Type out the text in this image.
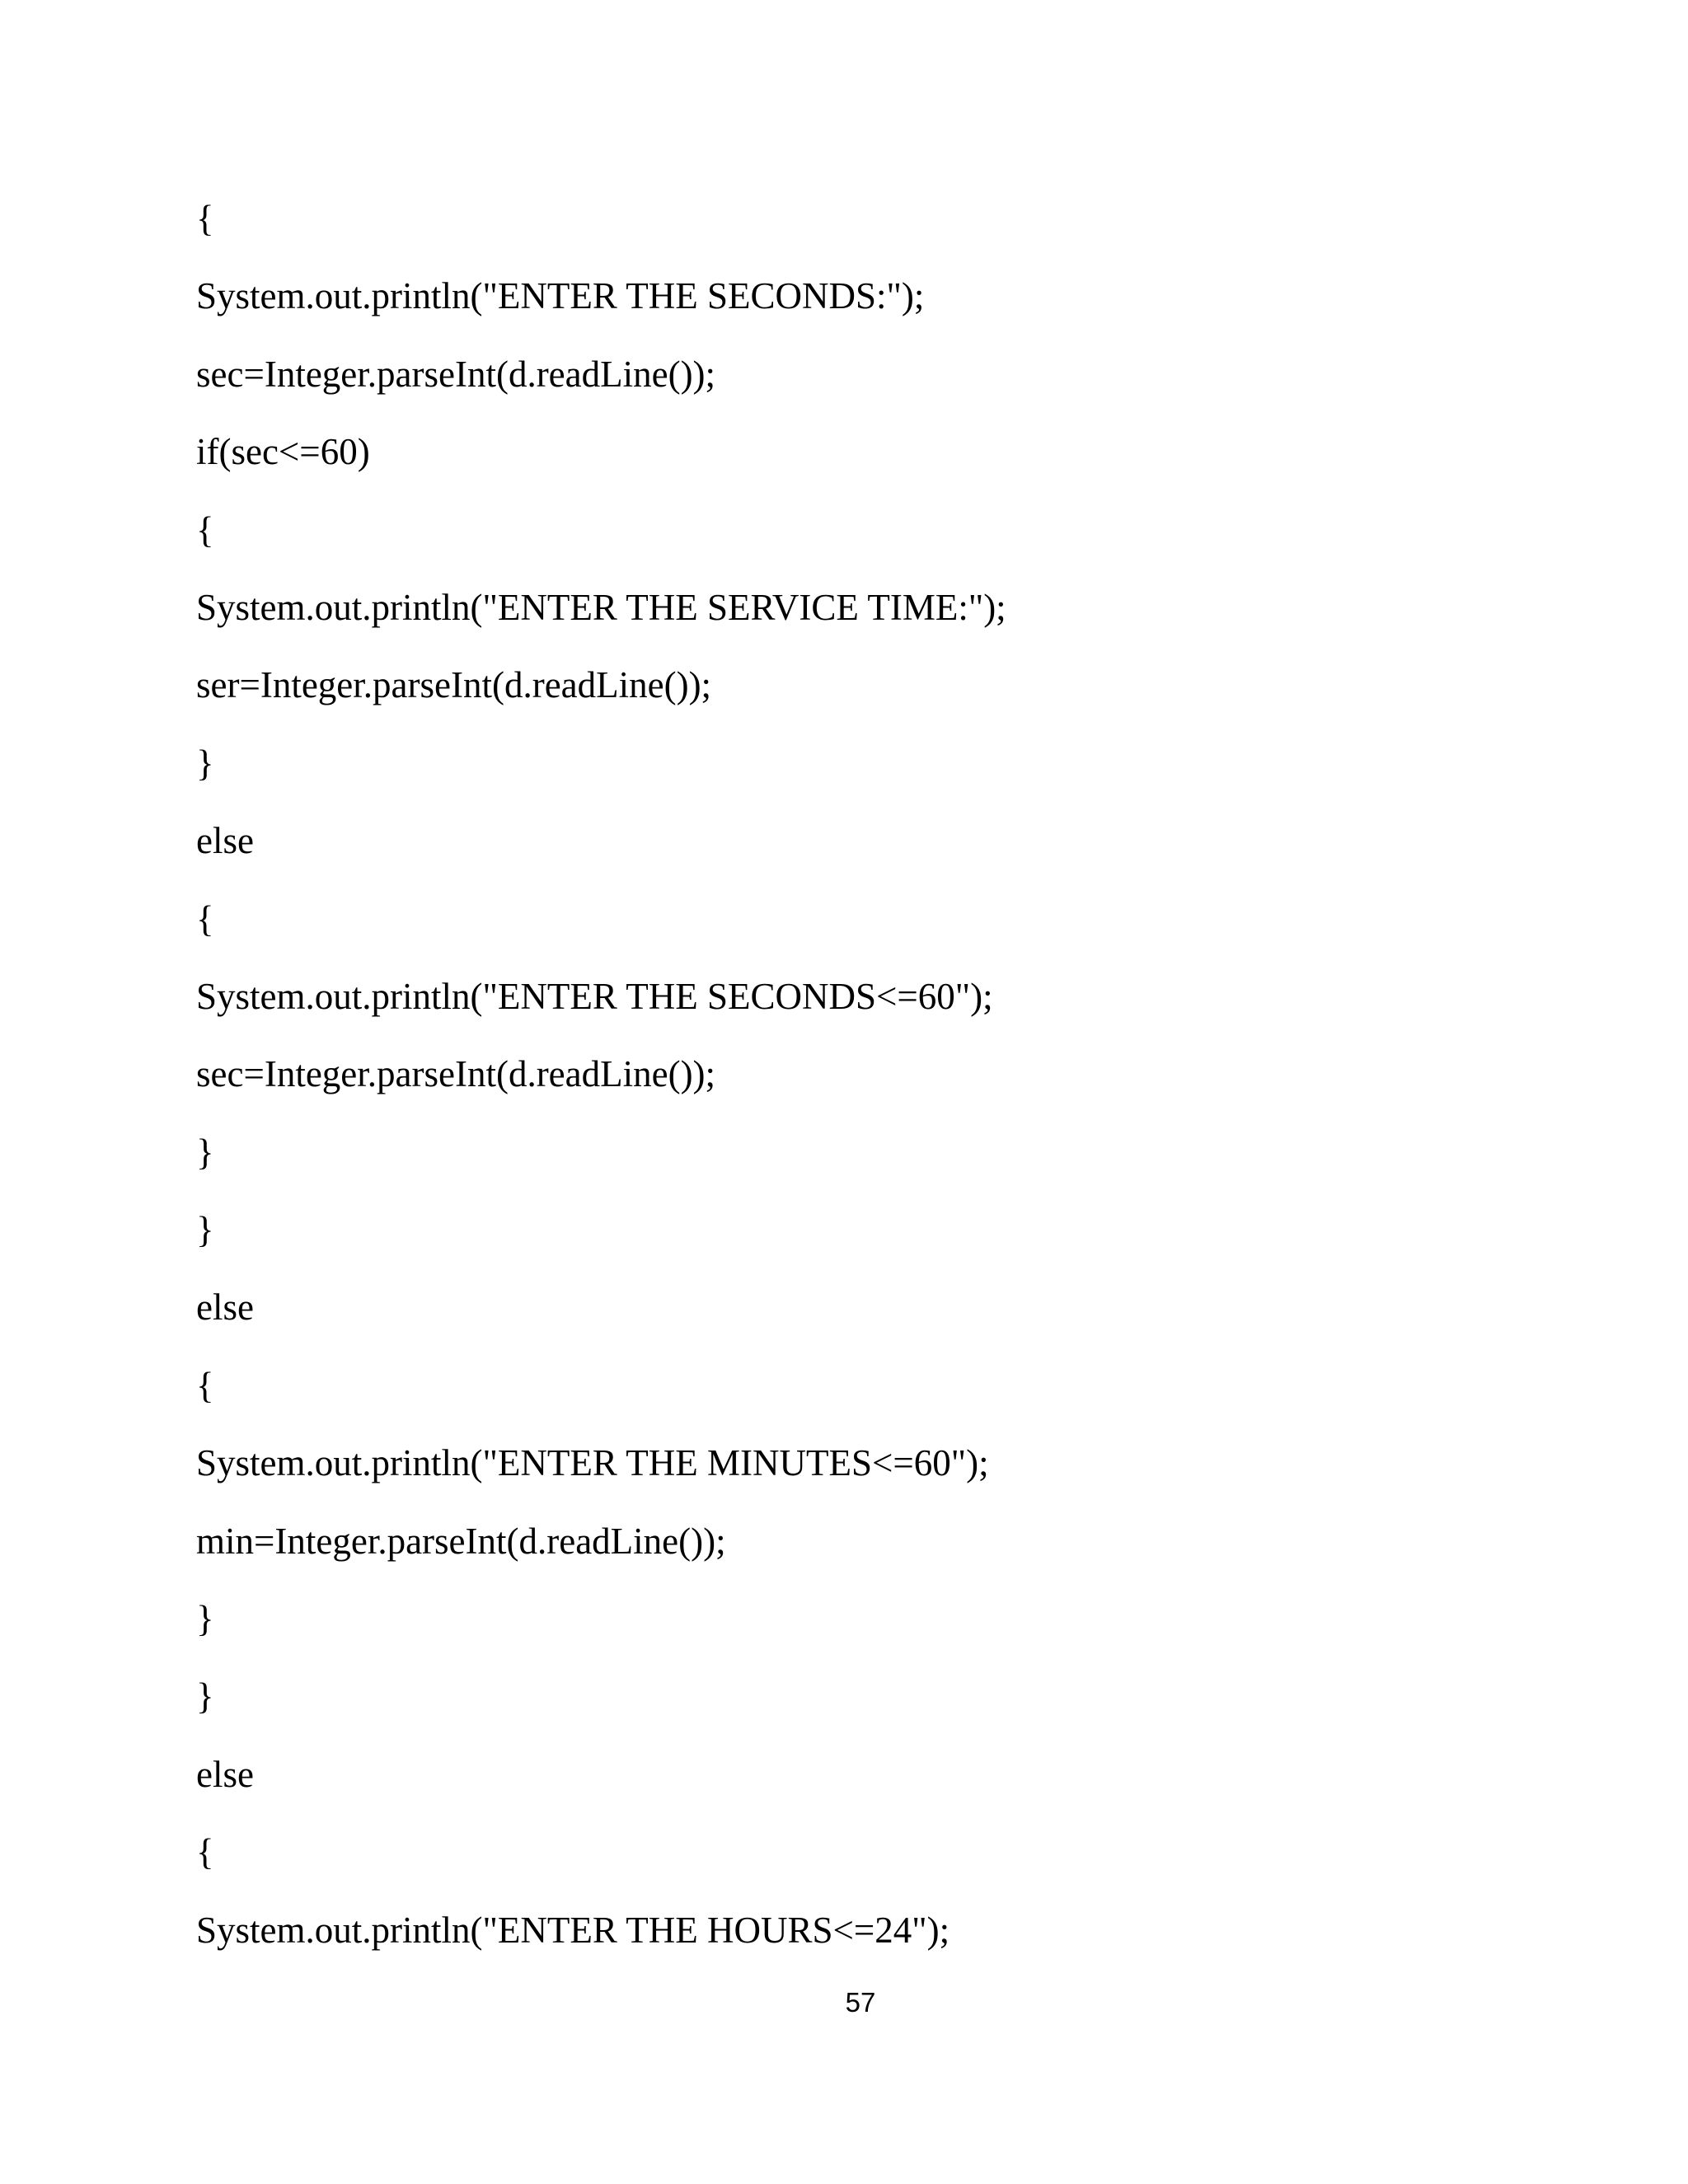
{
System.out.println("ENTER THE SECONDS:");
sec=Integer.parseInt(d.readLine());
if(sec<=60)
{
System.out.println("ENTER THE SERVICE TIME:");
ser=Integer.parseInt(d.readLine());
}
else
{
System.out.println("ENTER THE SECONDS<=60");
sec=Integer.parseInt(d.readLine());
}
}
else
{
System.out.println("ENTER THE MINUTES<=60");
min=Integer.parseInt(d.readLine());
}
}
else
{
System.out.println("ENTER THE HOURS<=24");
57
